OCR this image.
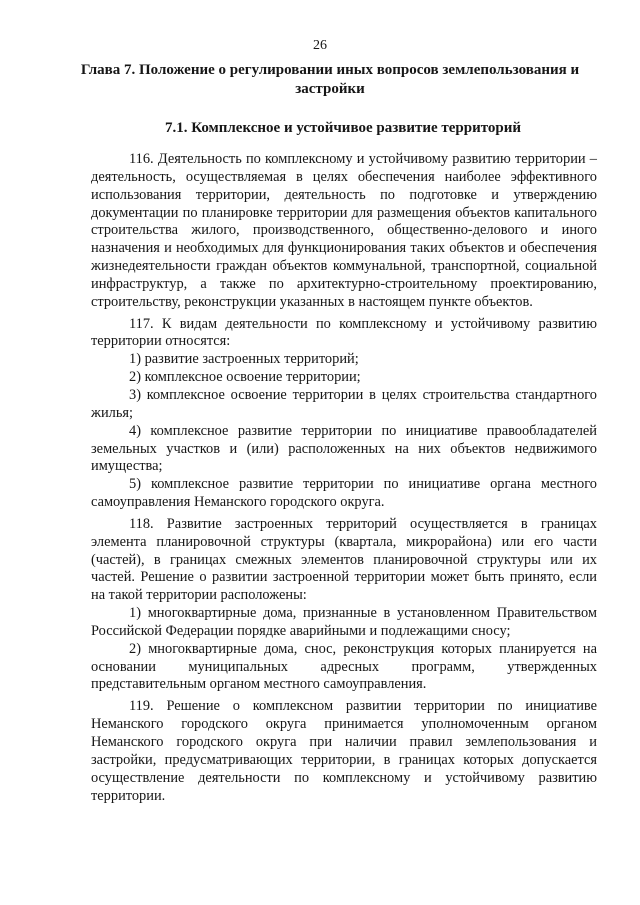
26
Глава 7. Положение о регулировании иных вопросов землепользования и застройки
7.1. Комплексное и устойчивое развитие территорий

116. Деятельность по комплексному и устойчивому развитию территории – деятельность, осуществляемая в целях обеспечения наиболее эффективного использования территории, деятельность по подготовке и утверждению документации по планировке территории для размещения объектов капитального строительства жилого, производственного, общественно-делового и иного назначения и необходимых для функционирования таких объектов и обеспечения жизнедеятельности граждан объектов коммунальной, транспортной, социальной инфраструктур, а также по архитектурно-строительному проектированию, строительству, реконструкции указанных в настоящем пункте объектов.

117. К видам деятельности по комплексному и устойчивому развитию территории относятся:

1) развитие застроенных территорий;

2) комплексное освоение территории;

3) комплексное освоение территории в целях строительства стандартного жилья;

4) комплексное развитие территории по инициативе правообладателей земельных участков и (или) расположенных на них объектов недвижимого имущества;

5) комплексное развитие территории по инициативе органа местного самоуправления Неманского городского округа.

118. Развитие застроенных территорий осуществляется в границах элемента планировочной структуры (квартала, микрорайона) или его части (частей), в границах смежных элементов планировочной структуры или их частей. Решение о развитии застроенной территории может быть принято, если на такой территории расположены:

1) многоквартирные дома, признанные в установленном Правительством Российской Федерации порядке аварийными и подлежащими сносу;

2) многоквартирные дома, снос, реконструкция которых планируется на основании муниципальных адресных программ, утвержденных представительным органом местного самоуправления.

119. Решение о комплексном развитии территории по инициативе Неманского городского округа принимается уполномоченным органом Неманского городского округа при наличии правил землепользования и застройки, предусматривающих территории, в границах которых допускается осуществление деятельности по комплексному и устойчивому развитию территории.
